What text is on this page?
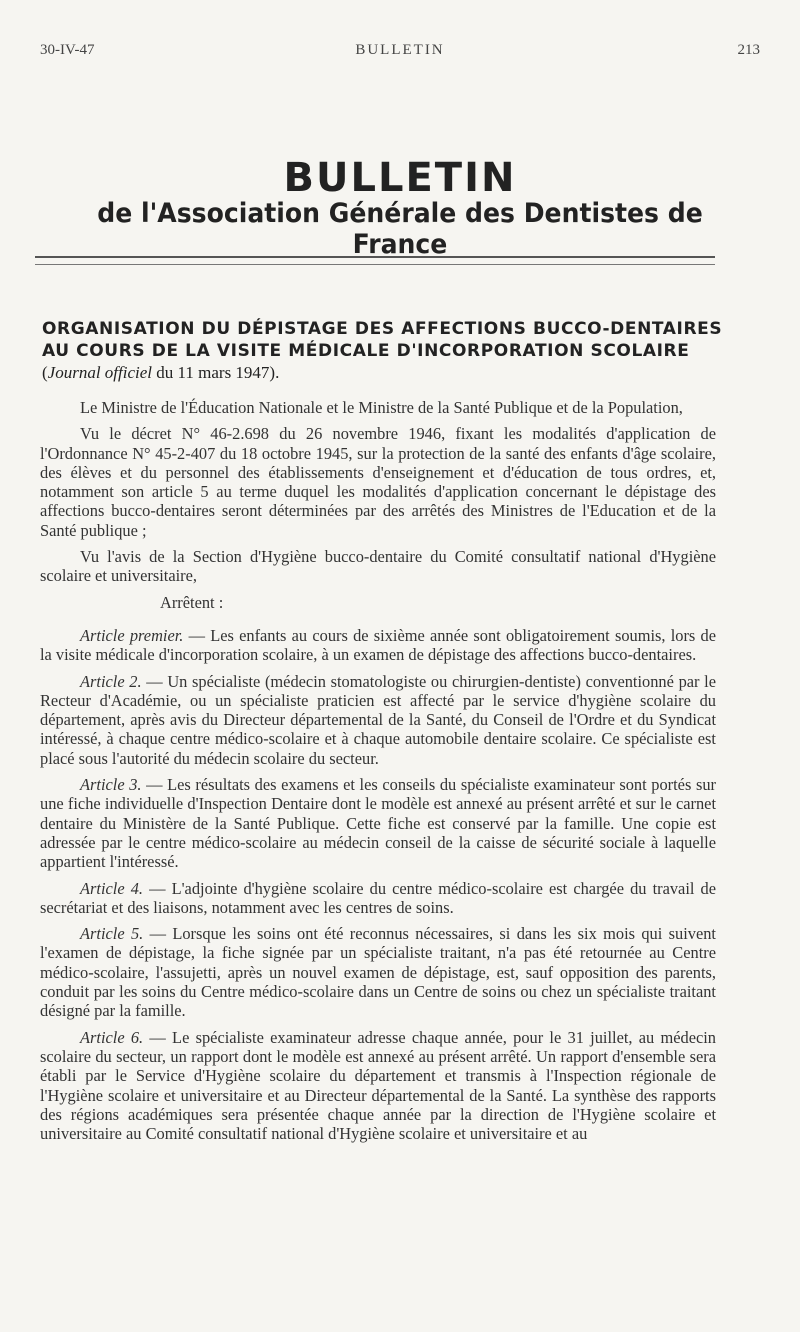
30-IV-47	BULLETIN	213
BULLETIN
de l'Association Générale des Dentistes de France
ORGANISATION DU DÉPISTAGE DES AFFECTIONS BUCCO-DENTAIRES AU COURS DE LA VISITE MÉDICALE D'INCORPORATION SCOLAIRE (Journal officiel du 11 mars 1947).

Le Ministre de l'Éducation Nationale et le Ministre de la Santé Publique et de la Population,

Vu le décret N° 46-2.698 du 26 novembre 1946, fixant les modalités d'application de l'Ordonnance N° 45-2-407 du 18 octobre 1945, sur la protection de la santé des enfants d'âge scolaire, des élèves et du personnel des établissements d'enseignement et d'éducation de tous ordres, et, notamment son article 5 au terme duquel les modalités d'application concernant le dépistage des affections bucco-dentaires seront déterminées par des arrêtés des Ministres de l'Education et de la Santé publique ;

Vu l'avis de la Section d'Hygiène bucco-dentaire du Comité consultatif national d'Hygiène scolaire et universitaire,

Arrêtent :

Article premier. — Les enfants au cours de sixième année sont obligatoirement soumis, lors de la visite médicale d'incorporation scolaire, à un examen de dépistage des affections bucco-dentaires.

Article 2. — Un spécialiste (médecin stomatologiste ou chirurgien-dentiste) conventionné par le Recteur d'Académie, ou un spécialiste praticien est affecté par le service d'hygiène scolaire du département, après avis du Directeur départemental de la Santé, du Conseil de l'Ordre et du Syndicat intéressé, à chaque centre médico-scolaire et à chaque automobile dentaire scolaire. Ce spécialiste est placé sous l'autorité du médecin scolaire du secteur.

Article 3. — Les résultats des examens et les conseils du spécialiste examinateur sont portés sur une fiche individuelle d'Inspection Dentaire dont le modèle est annexé au présent arrêté et sur le carnet dentaire du Ministère de la Santé Publique. Cette fiche est conservé par la famille. Une copie est adressée par le centre médico-scolaire au médecin conseil de la caisse de sécurité sociale à laquelle appartient l'intéressé.

Article 4. — L'adjointe d'hygiène scolaire du centre médico-scolaire est chargée du travail de secrétariat et des liaisons, notamment avec les centres de soins.

Article 5. — Lorsque les soins ont été reconnus nécessaires, si dans les six mois qui suivent l'examen de dépistage, la fiche signée par un spécialiste traitant, n'a pas été retournée au Centre médico-scolaire, l'assujetti, après un nouvel examen de dépistage, est, sauf opposition des parents, conduit par les soins du Centre médico-scolaire dans un Centre de soins ou chez un spécialiste traitant désigné par la famille.

Article 6. — Le spécialiste examinateur adresse chaque année, pour le 31 juillet, au médecin scolaire du secteur, un rapport dont le modèle est annexé au présent arrêté. Un rapport d'ensemble sera établi par le Service d'Hygiène scolaire du département et transmis à l'Inspection régionale de l'Hygiène scolaire et universitaire et au Directeur départemental de la Santé. La synthèse des rapports des régions académiques sera présentée chaque année par la direction de l'Hygiène scolaire et universitaire au Comité consultatif national d'Hygiène scolaire et universitaire et au
